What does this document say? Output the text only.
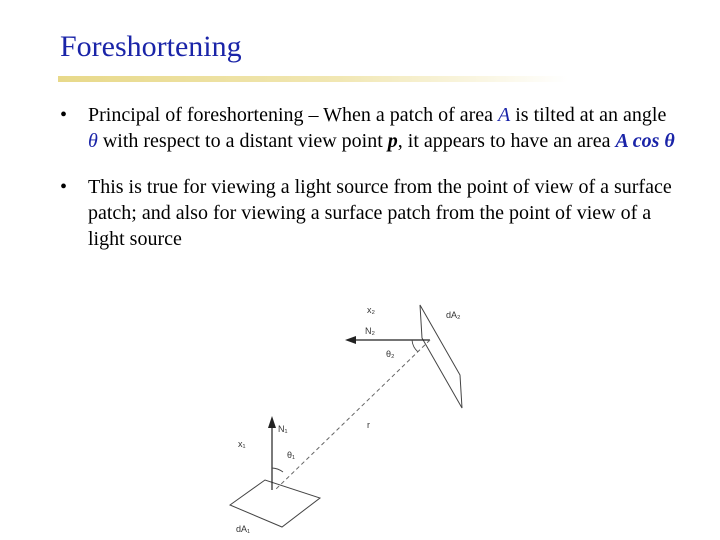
Foreshortening
• Principal of foreshortening – When a patch of area A is tilted at an angle θ with respect to a distant view point p, it appears to have an area A cos θ
• This is true for viewing a light source from the point of view of a surface patch; and also for viewing a surface patch from the point of view of a light source
x₂	dA₂
N₂
θ₂
r
N₁
x₁
θ₁
dA₁
